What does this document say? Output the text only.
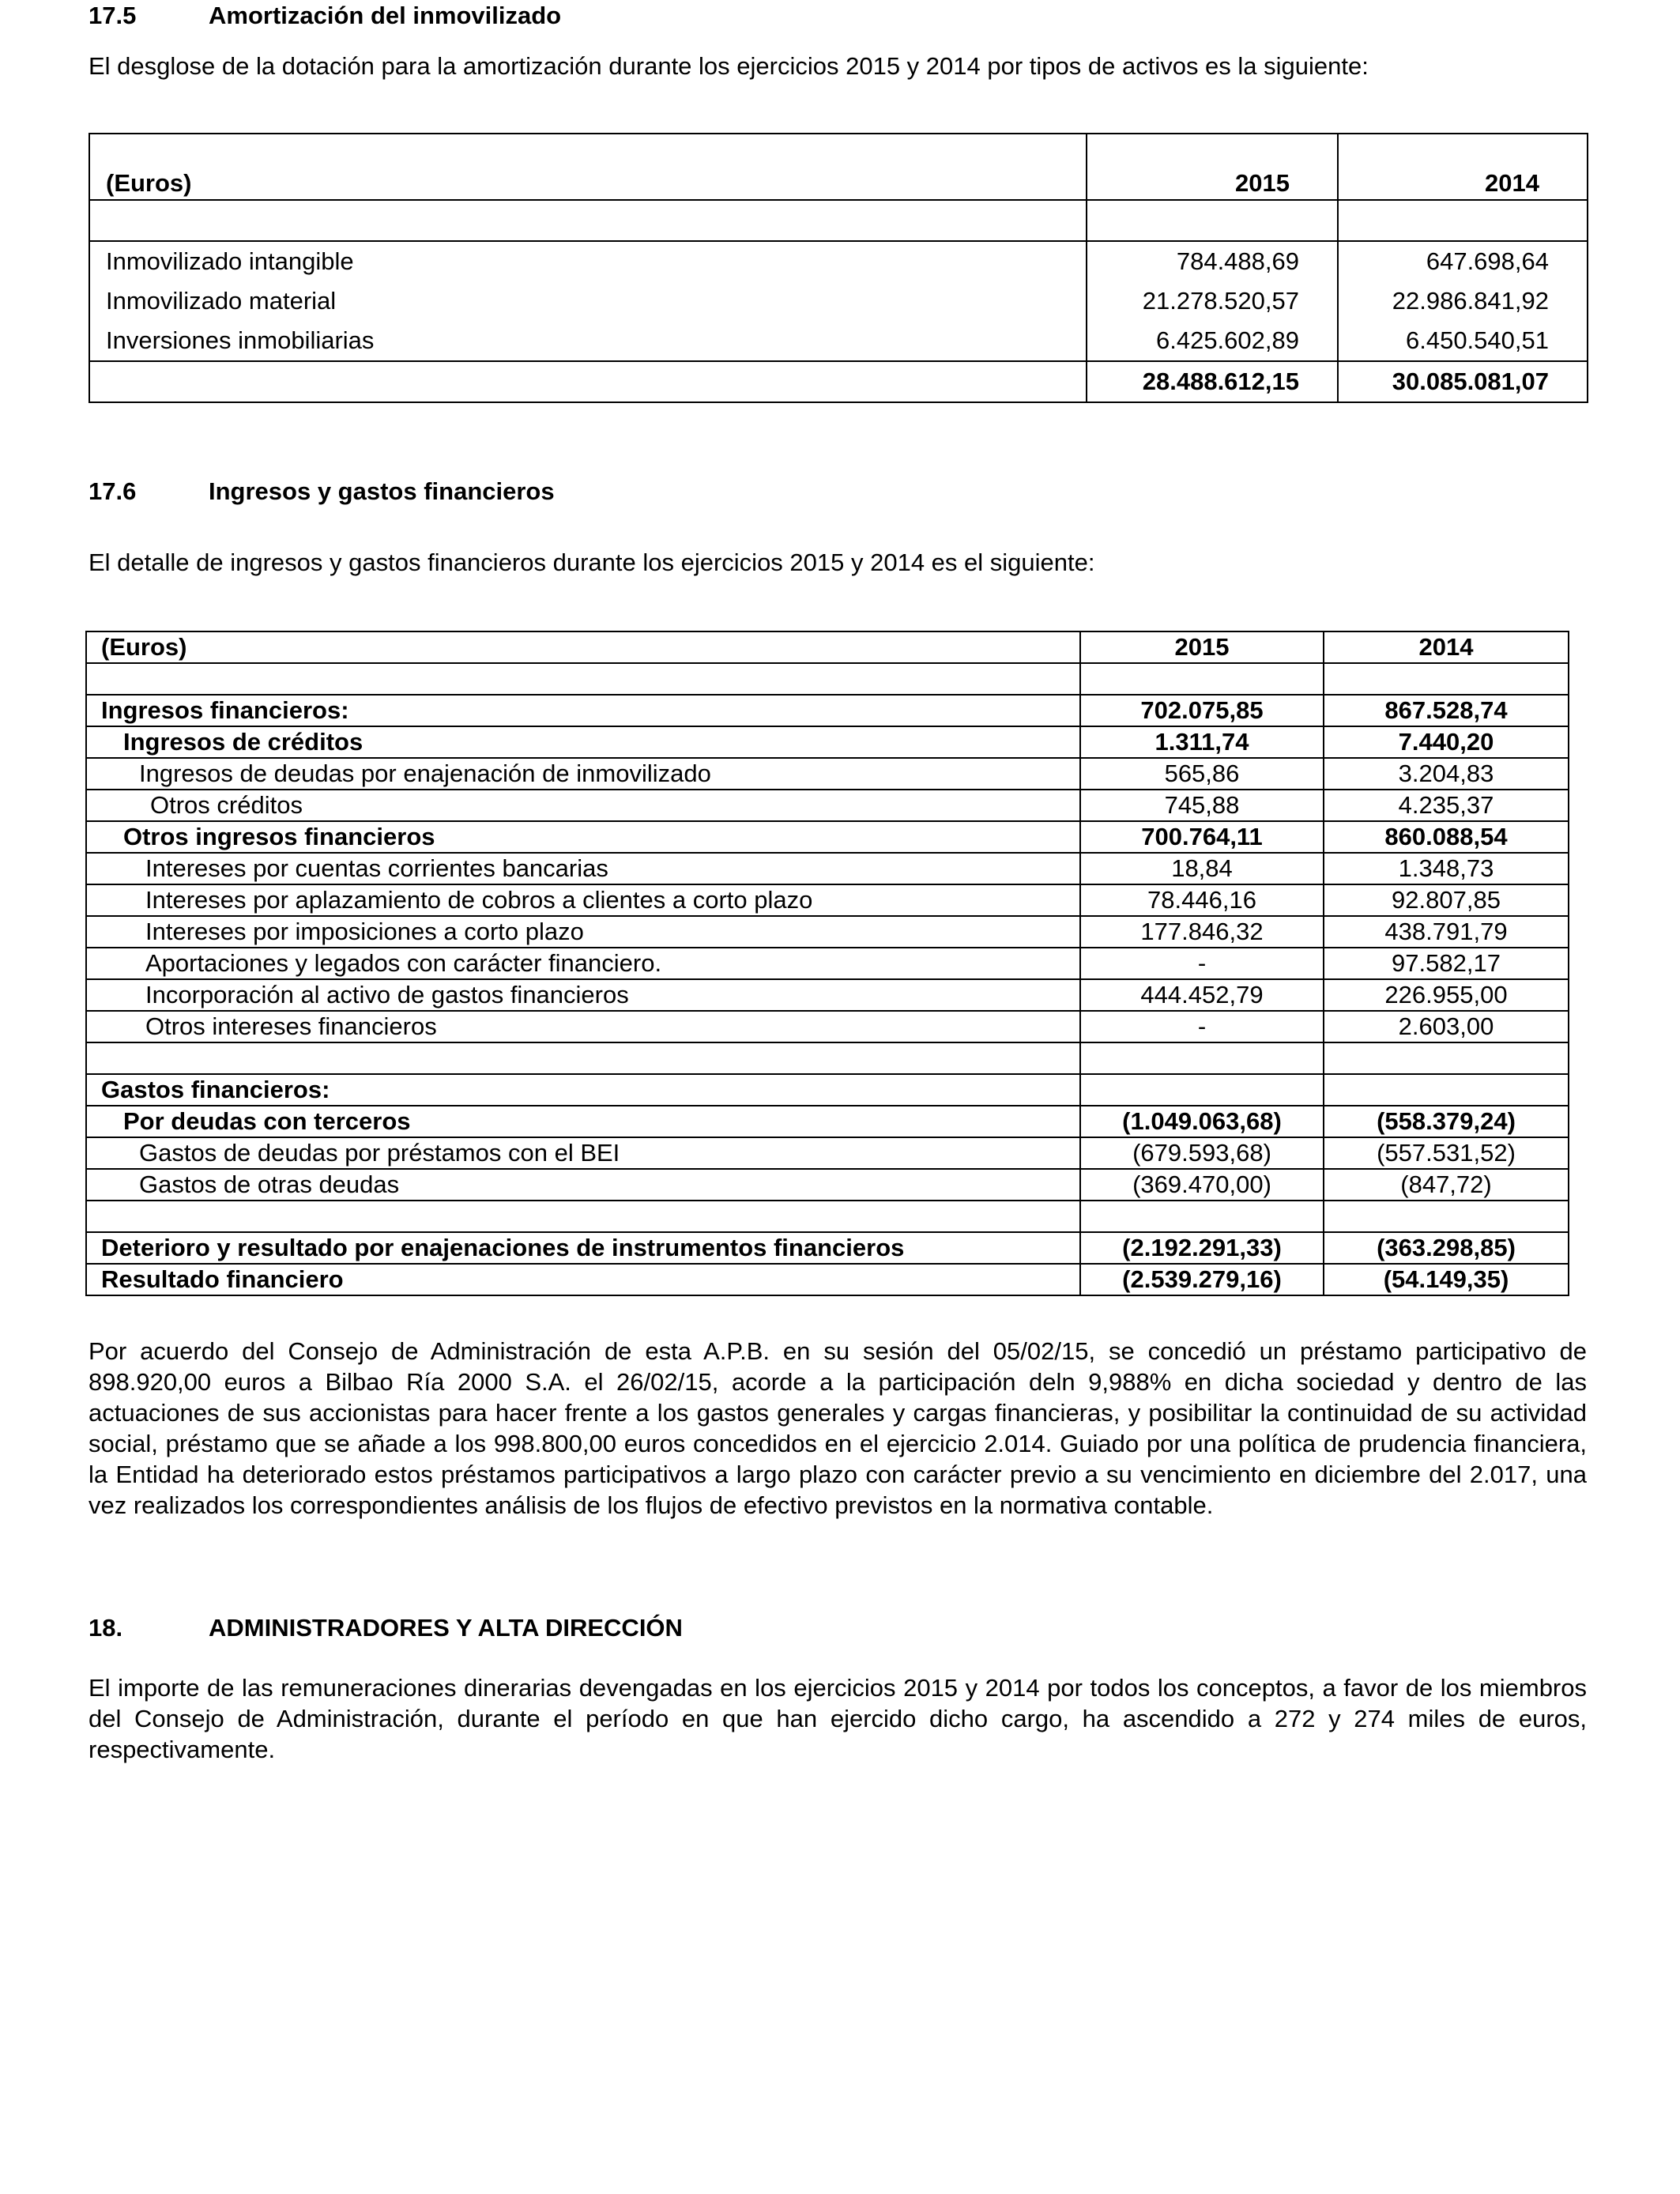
17.5	Amortización del inmovilizado
El desglose de la dotación para la amortización durante los ejercicios 2015 y 2014 por tipos de activos es la siguiente:
(Euros)	2015	2014

Inmovilizado intangible	784.488,69	647.698,64
Inmovilizado material	21.278.520,57	22.986.841,92
Inversiones inmobiliarias	6.425.602,89	6.450.540,51
	28.488.612,15	30.085.081,07
17.6	Ingresos y gastos financieros
El detalle de ingresos y gastos financieros durante los ejercicios 2015 y 2014 es el siguiente:
(Euros)	2015	2014

Ingresos financieros:	702.075,85	867.528,74
Ingresos de créditos	1.311,74	7.440,20
Ingresos de deudas por enajenación de inmovilizado	565,86	3.204,83
Otros créditos	745,88	4.235,37
Otros ingresos financieros	700.764,11	860.088,54
Intereses por cuentas corrientes bancarias	18,84	1.348,73
Intereses por aplazamiento de cobros a clientes a corto plazo	78.446,16	92.807,85
Intereses por imposiciones a corto plazo	177.846,32	438.791,79
Aportaciones y legados con carácter financiero.	-	97.582,17
Incorporación al activo de gastos financieros	444.452,79	226.955,00
Otros intereses financieros	-	2.603,00

Gastos financieros:		
Por deudas con terceros	(1.049.063,68)	(558.379,24)
Gastos de deudas por préstamos con el BEI	(679.593,68)	(557.531,52)
Gastos de otras deudas	(369.470,00)	(847,72)

Deterioro y resultado por enajenaciones de instrumentos financieros	(2.192.291,33)	(363.298,85)
Resultado financiero	(2.539.279,16)	(54.149,35)
Por acuerdo del Consejo de Administración de esta A.P.B. en su sesión del 05/02/15, se concedió un préstamo participativo de 898.920,00 euros a Bilbao Ría 2000 S.A. el 26/02/15, acorde a la participación deln 9,988% en dicha sociedad y dentro de las actuaciones de sus accionistas para hacer frente a los gastos generales y cargas financieras, y posibilitar la continuidad de su actividad social, préstamo que se añade a los 998.800,00 euros concedidos en el ejercicio 2.014. Guiado por una política de prudencia financiera, la Entidad ha deteriorado estos préstamos participativos a largo plazo con carácter previo a su vencimiento en diciembre del 2.017, una vez realizados los correspondientes análisis de los flujos de efectivo previstos en la normativa contable.
18.	ADMINISTRADORES Y ALTA DIRECCIÓN
El importe de las remuneraciones dinerarias devengadas en los ejercicios 2015 y 2014 por todos los conceptos, a favor de los miembros del Consejo de Administración, durante el período en que han ejercido dicho cargo, ha ascendido a 272 y 274 miles de euros, respectivamente.
